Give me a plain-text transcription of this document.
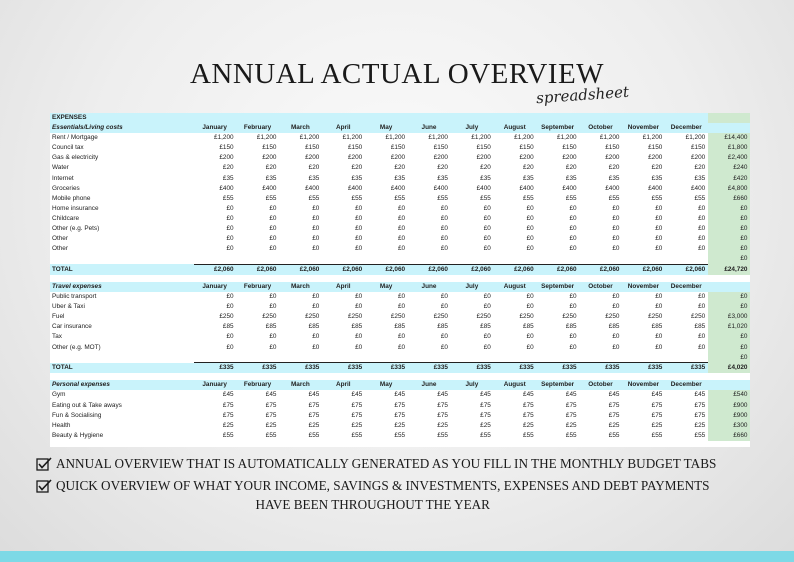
ANNUAL ACTUAL OVERVIEW
spreadsheet
EXPENSES														
Essentials/Living costs	January	February	March	April	May	June	July	August	September	October	November	December		
Rent / Mortgage	£1,200	£1,200	£1,200	£1,200	£1,200	£1,200	£1,200	£1,200	£1,200	£1,200	£1,200	£1,200	£14,400	
Council tax	£150	£150	£150	£150	£150	£150	£150	£150	£150	£150	£150	£150	£1,800	
Gas & electricity	£200	£200	£200	£200	£200	£200	£200	£200	£200	£200	£200	£200	£2,400	
Water	£20	£20	£20	£20	£20	£20	£20	£20	£20	£20	£20	£20	£240	
Internet	£35	£35	£35	£35	£35	£35	£35	£35	£35	£35	£35	£35	£420	
Groceries	£400	£400	£400	£400	£400	£400	£400	£400	£400	£400	£400	£400	£4,800	
Mobile phone	£55	£55	£55	£55	£55	£55	£55	£55	£55	£55	£55	£55	£660	
Home insurance	£0	£0	£0	£0	£0	£0	£0	£0	£0	£0	£0	£0	£0	
Childcare	£0	£0	£0	£0	£0	£0	£0	£0	£0	£0	£0	£0	£0	
Other (e.g. Pets)	£0	£0	£0	£0	£0	£0	£0	£0	£0	£0	£0	£0	£0	
Other	£0	£0	£0	£0	£0	£0	£0	£0	£0	£0	£0	£0	£0	
Other	£0	£0	£0	£0	£0	£0	£0	£0	£0	£0	£0	£0	£0	
													£0	
TOTAL	£2,060	£2,060	£2,060	£2,060	£2,060	£2,060	£2,060	£2,060	£2,060	£2,060	£2,060	£2,060	£24,720	

Travel expenses	January	February	March	April	May	June	July	August	September	October	November	December		
Public transport	£0	£0	£0	£0	£0	£0	£0	£0	£0	£0	£0	£0	£0	
Uber & Taxi	£0	£0	£0	£0	£0	£0	£0	£0	£0	£0	£0	£0	£0	
Fuel	£250	£250	£250	£250	£250	£250	£250	£250	£250	£250	£250	£250	£3,000	
Car insurance	£85	£85	£85	£85	£85	£85	£85	£85	£85	£85	£85	£85	£1,020	
Tax	£0	£0	£0	£0	£0	£0	£0	£0	£0	£0	£0	£0	£0	
Other (e.g. MOT)	£0	£0	£0	£0	£0	£0	£0	£0	£0	£0	£0	£0	£0	
													£0	
TOTAL	£335	£335	£335	£335	£335	£335	£335	£335	£335	£335	£335	£335	£4,020	

Personal expenses	January	February	March	April	May	June	July	August	September	October	November	December		
Gym	£45	£45	£45	£45	£45	£45	£45	£45	£45	£45	£45	£45	£540	
Eating out & Take aways	£75	£75	£75	£75	£75	£75	£75	£75	£75	£75	£75	£75	£900	
Fun & Socialising	£75	£75	£75	£75	£75	£75	£75	£75	£75	£75	£75	£75	£900	
Health	£25	£25	£25	£25	£25	£25	£25	£25	£25	£25	£25	£25	£300	
Beauty & Hygiene	£55	£55	£55	£55	£55	£55	£55	£55	£55	£55	£55	£55	£660	
ANNUAL OVERVIEW THAT IS AUTOMATICALLY GENERATED AS YOU FILL IN THE MONTHLY BUDGET TABS
QUICK OVERVIEW OF WHAT YOUR INCOME, SAVINGS & INVESTMENTS, EXPENSES AND DEBT PAYMENTS
HAVE BEEN THROUGHOUT THE YEAR
